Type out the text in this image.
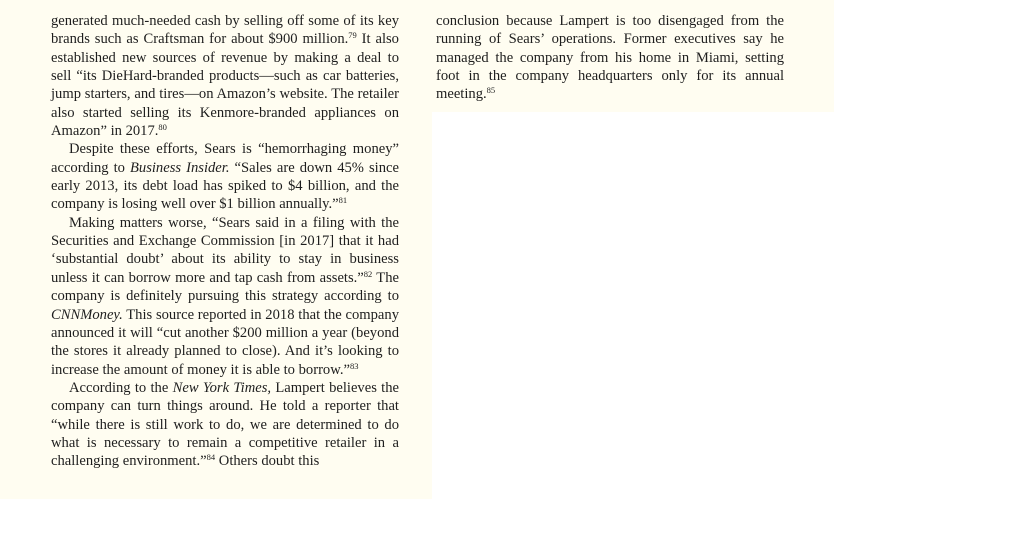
generated much-needed cash by selling off some of its key brands such as Craftsman for about $900 million.$^{79}$ It also established new sources of revenue by making a deal to sell “its DieHard-branded products—such as car batteries, jump starters, and tires—on Amazon’s website. The retailer also started selling its Kenmore-branded appliances on Amazon” in 2017.80

Despite these efforts, Sears is “hemorrhaging money” according to Business Insider. “Sales are down 45% since early 2013, its debt load has spiked to $4 billion, and the company is losing well over $1 billion annually.”$^{81}$

Making matters worse, “Sears said in a filing with the Securities and Exchange Commission [in 2017] that it had ‘substantial doubt’ about its ability to stay in business unless it can borrow more and tap cash from assets.”$^{82}$ The company is definitely pursuing this strategy according to CNNMoney. This source reported in 2018 that the company announced it will “cut another $200 million a year (beyond the stores it already planned to close). And it’s looking to increase the amount of money it is able to borrow.”$^{83}$

According to the New York Times, Lampert believes the company can turn things around. He told a reporter that “while there is still work to do, we are determined to do what is necessary to remain a competitive retailer in a challenging environment.”$^{84}$ Others doubt this

conclusion because Lampert is too disengaged from the running of Sears’ operations. Former executives say he managed the company from his home in Miami, setting foot in the company headquarters only for its annual meeting.$^{85}$
